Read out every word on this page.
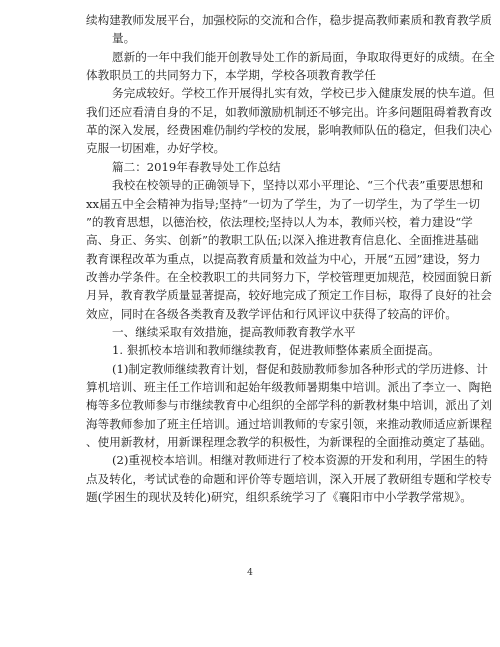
续构建教师发展平台，加强校际的交流和合作，稳步提高教师素质和教育教学质
量。
愿新的一年中我们能开创教导处工作的新局面，争取取得更好的成绩。在全
体教职员工的共同努力下，本学期，学校各项教育教学任
务完成较好。学校工作开展得扎实有效，学校已步入健康发展的快车道。但
我们还应看清自身的不足，如教师激励机制还不够完出。许多问题阻碍着教育改
革的深入发展，经费困难仍制约学校的发展，影响教师队伍的稳定，但我们决心
克服一切困难，办好学校。
篇二：2019年春教导处工作总结
我校在校领导的正确领导下，坚持以邓小平理论、“三个代表”重要思想和
xx届五中全会精神为指导;坚持“一切为了学生，为了一切学生，为了学生一切
”的教育思想，以德治校，依法理校;坚持以人为本，教师兴校，着力建设“学
高、身正、务实、创新”的教职工队伍;以深入推进教育信息化、全面推进基础
教育课程改革为重点，以提高教育质量和效益为中心，开展“五园”建设，努力
改善办学条件。在全校教职工的共同努力下，学校管理更加规范，校园面貌日新
月异，教育教学质量显著提高，较好地完成了预定工作目标，取得了良好的社会
效应，同时在各级各类教育及教学评估和行风评议中获得了较高的评价。
一、继续采取有效措施，提高教师教育教学水平
1. 狠抓校本培训和教师继续教育，促进教师整体素质全面提高。
(1)制定教师继续教育计划，督促和鼓励教师参加各种形式的学历进修、计
算机培训、班主任工作培训和起始年级教师暑期集中培训。派出了李立一、陶艳
梅等多位教师参与市继续教育中心组织的全部学科的新教材集中培训，派出了刘
海等教师参加了班主任培训。通过培训教师的专家引领，来推动教师适应新课程
、使用新教材，用新课程理念教学的积极性，为新课程的全面推动奠定了基础。
(2)重视校本培训。相继对教师进行了校本资源的开发和利用，学困生的特
点及转化，考试试卷的命题和评价等专题培训，深入开展了教研组专题和学校专
题(学困生的现状及转化)研究，组织系统学习了《襄阳市中小学教学常规》。
4
